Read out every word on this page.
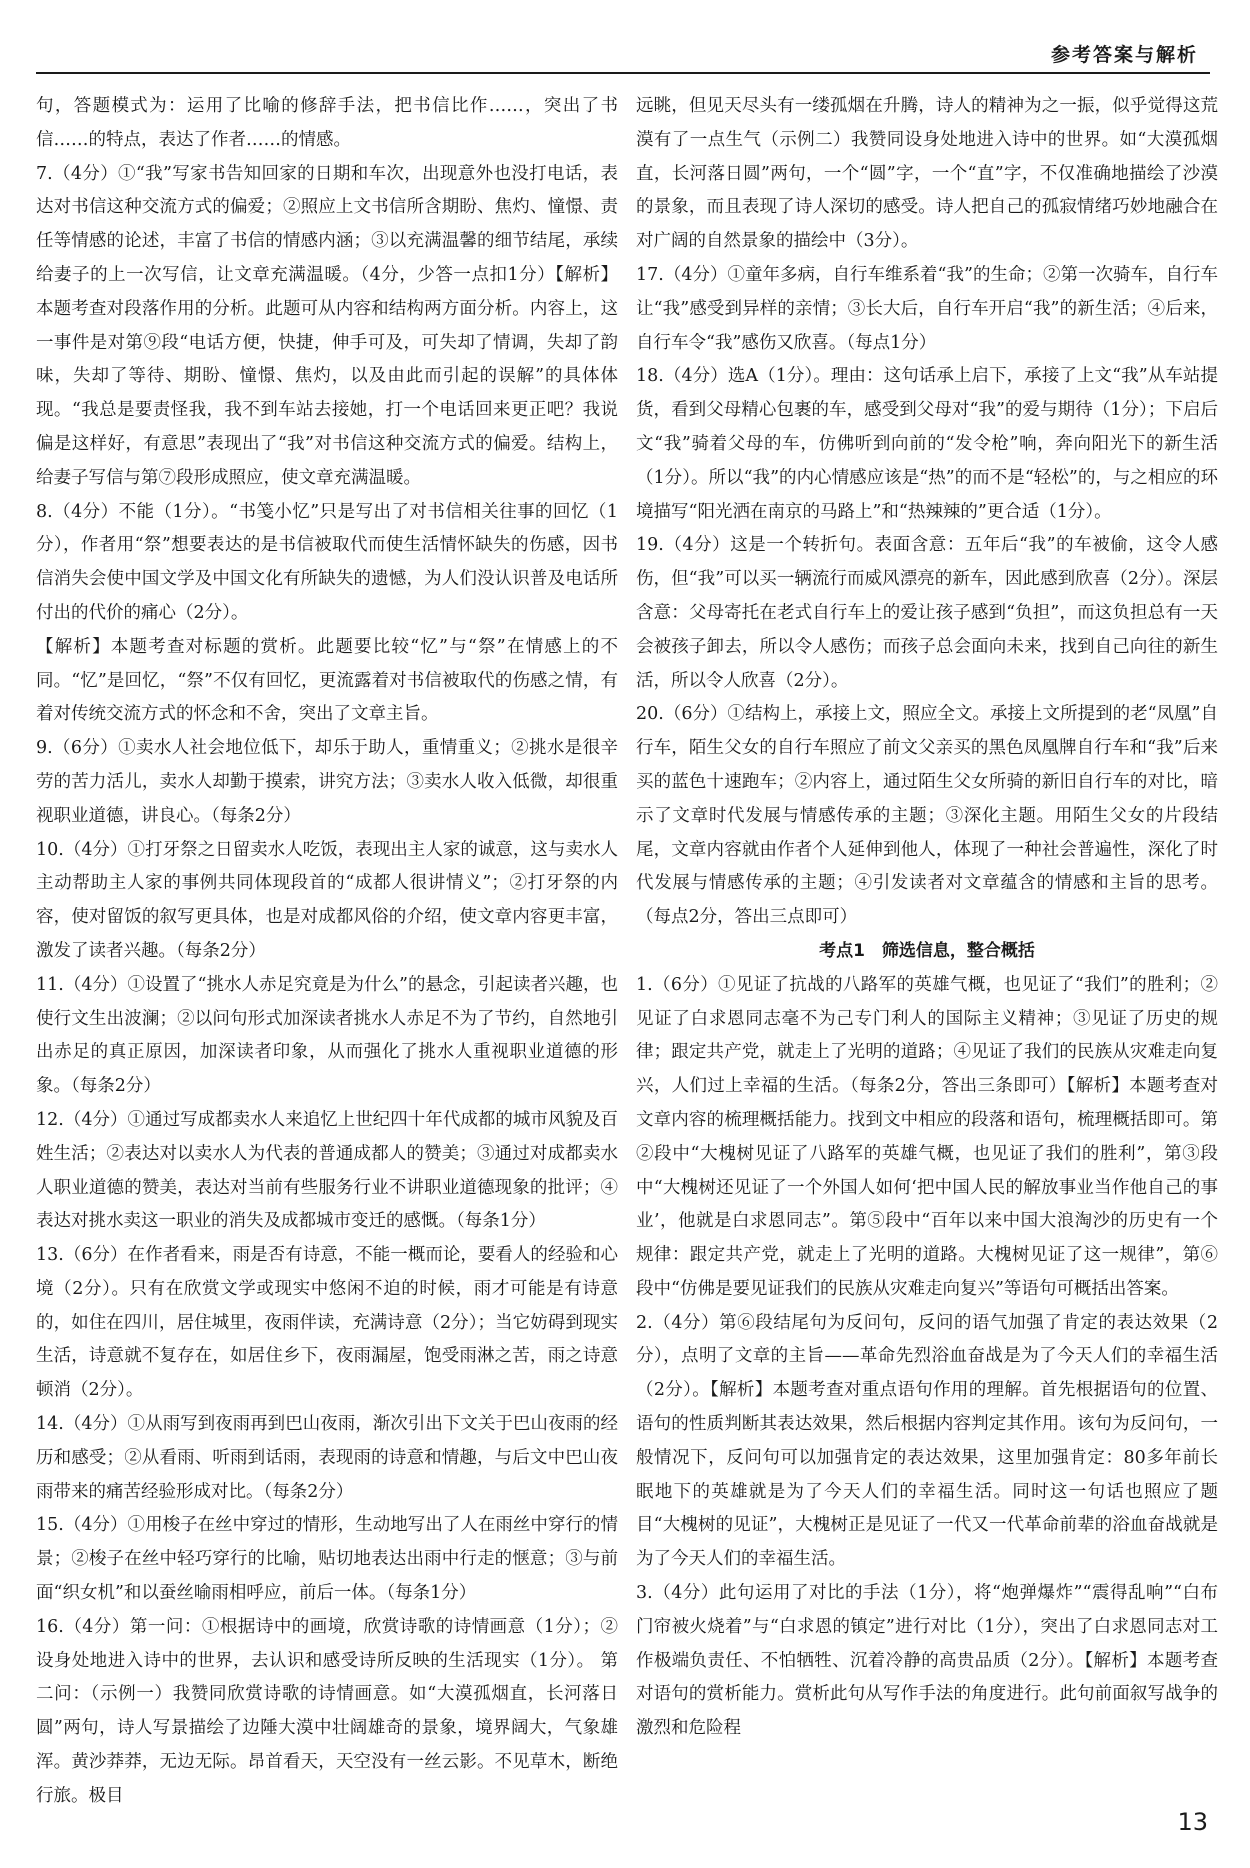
参考答案与解析

句，答题模式为：运用了比喻的修辞手法，把书信比作……，突出了书信……的特点，表达了作者……的情感。

7.（4分）①“我”写家书告知回家的日期和车次，出现意外也没打电话，表达对书信这种交流方式的偏爱；②照应上文书信所含期盼、焦灼、憧憬、责任等情感的论述，丰富了书信的情感内涵；③以充满温馨的细节结尾，承续给妻子的上一次写信，让文章充满温暖。（4分，少答一点扣1分）【解析】本题考查对段落作用的分析。此题可从内容和结构两方面分析。内容上，这一事件是对第⑨段“电话方便，快捷，伸手可及，可失却了情调，失却了韵味，失却了等待、期盼、憧憬、焦灼，以及由此而引起的误解”的具体体现。“我总是要责怪我，我不到车站去接她，打一个电话回来更正吧？我说偏是这样好，有意思”表现出了“我”对书信这种交流方式的偏爱。结构上，给妻子写信与第⑦段形成照应，使文章充满温暖。

8.（4分）不能（1分）。“书笺小忆”只是写出了对书信相关往事的回忆（1分），作者用“祭”想要表达的是书信被取代而使生活情怀缺失的伤感，因书信消失会使中国文学及中国文化有所缺失的遗憾，为人们没认识普及电话所付出的代价的痛心（2分）。

【解析】本题考查对标题的赏析。此题要比较“忆”与“祭”在情感上的不同。“忆”是回忆，“祭”不仅有回忆，更流露着对书信被取代的伤感之情，有着对传统交流方式的怀念和不舍，突出了文章主旨。

9.（6分）①卖水人社会地位低下，却乐于助人，重情重义；②挑水是很辛劳的苦力活儿，卖水人却勤于摸索，讲究方法；③卖水人收入低微，却很重视职业道德，讲良心。（每条2分）

10.（4分）①打牙祭之日留卖水人吃饭，表现出主人家的诚意，这与卖水人主动帮助主人家的事例共同体现段首的“成都人很讲情义”；②打牙祭的内容，使对留饭的叙写更具体，也是对成都风俗的介绍，使文章内容更丰富，激发了读者兴趣。（每条2分）

11.（4分）①设置了“挑水人赤足究竟是为什么”的悬念，引起读者兴趣，也使行文生出波澜；②以问句形式加深读者挑水人赤足不为了节约，自然地引出赤足的真正原因，加深读者印象，从而强化了挑水人重视职业道德的形象。（每条2分）

12.（4分）①通过写成都卖水人来追忆上世纪四十年代成都的城市风貌及百姓生活；②表达对以卖水人为代表的普通成都人的赞美；③通过对成都卖水人职业道德的赞美，表达对当前有些服务行业不讲职业道德现象的批评；④表达对挑水卖这一职业的消失及成都城市变迁的感慨。（每条1分）

13.（6分）在作者看来，雨是否有诗意，不能一概而论，要看人的经验和心境（2分）。只有在欣赏文学或现实中悠闲不迫的时候，雨才可能是有诗意的，如住在四川，居住城里，夜雨伴读，充满诗意（2分）；当它妨碍到现实生活，诗意就不复存在，如居住乡下，夜雨漏屋，饱受雨淋之苦，雨之诗意顿消（2分）。

14.（4分）①从雨写到夜雨再到巴山夜雨，渐次引出下文关于巴山夜雨的经历和感受；②从看雨、听雨到话雨，表现雨的诗意和情趣，与后文中巴山夜雨带来的痛苦经验形成对比。（每条2分）

15.（4分）①用梭子在丝中穿过的情形，生动地写出了人在雨丝中穿行的情景；②梭子在丝中轻巧穿行的比喻，贴切地表达出雨中行走的惬意；③与前面“织女机”和以蚕丝喻雨相呼应，前后一体。（每条1分）

16.（4分）第一问：①根据诗中的画境，欣赏诗歌的诗情画意（1分）；②设身处地进入诗中的世界，去认识和感受诗所反映的生活现实（1分）。 第二问：（示例一）我赞同欣赏诗歌的诗情画意。如“大漠孤烟直，长河落日圆”两句，诗人写景描绘了边陲大漠中壮阔雄奇的景象，境界阔大，气象雄浑。黄沙莽莽，无边无际。昂首看天，天空没有一丝云影。不见草木，断绝行旅。极目

远眺，但见天尽头有一缕孤烟在升腾，诗人的精神为之一振，似乎觉得这荒漠有了一点生气（示例二）我赞同设身处地进入诗中的世界。如“大漠孤烟直，长河落日圆”两句，一个“圆”字，一个“直”字，不仅准确地描绘了沙漠的景象，而且表现了诗人深切的感受。诗人把自己的孤寂情绪巧妙地融合在对广阔的自然景象的描绘中（3分）。

17.（4分）①童年多病，自行车维系着“我”的生命；②第一次骑车，自行车让“我”感受到异样的亲情；③长大后，自行车开启“我”的新生活；④后来，自行车令“我”感伤又欣喜。（每点1分）

18.（4分）选A（1分）。理由：这句话承上启下，承接了上文“我”从车站提货，看到父母精心包裹的车，感受到父母对“我”的爱与期待（1分）；下启后文“我”骑着父母的车，仿佛听到向前的“发令枪”响，奔向阳光下的新生活（1分）。所以“我”的内心情感应该是“热”的而不是“轻松”的，与之相应的环境描写“阳光洒在南京的马路上”和“热辣辣的”更合适（1分）。

19.（4分）这是一个转折句。表面含意：五年后“我”的车被偷，这令人感伤，但“我”可以买一辆流行而威风漂亮的新车，因此感到欣喜（2分）。深层含意：父母寄托在老式自行车上的爱让孩子感到“负担”，而这负担总有一天会被孩子卸去，所以令人感伤；而孩子总会面向未来，找到自己向往的新生活，所以令人欣喜（2分）。

20.（6分）①结构上，承接上文，照应全文。承接上文所提到的老“凤凰”自行车，陌生父女的自行车照应了前文父亲买的黑色凤凰牌自行车和“我”后来买的蓝色十速跑车；②内容上，通过陌生父女所骑的新旧自行车的对比，暗示了文章时代发展与情感传承的主题；③深化主题。用陌生父女的片段结尾，文章内容就由作者个人延伸到他人，体现了一种社会普遍性，深化了时代发展与情感传承的主题；④引发读者对文章蕴含的情感和主旨的思考。（每点2分，答出三点即可）

考点1　筛选信息，整合概括

1.（6分）①见证了抗战的八路军的英雄气概，也见证了“我们”的胜利；②见证了白求恩同志毫不为己专门利人的国际主义精神；③见证了历史的规律；跟定共产党，就走上了光明的道路；④见证了我们的民族从灾难走向复兴，人们过上幸福的生活。（每条2分，答出三条即可）【解析】本题考查对文章内容的梳理概括能力。找到文中相应的段落和语句，梳理概括即可。第②段中“大槐树见证了八路军的英雄气概，也见证了我们的胜利”，第③段中“大槐树还见证了一个外国人如何‘把中国人民的解放事业当作他自己的事业’，他就是白求恩同志”。第⑤段中“百年以来中国大浪淘沙的历史有一个规律：跟定共产党，就走上了光明的道路。大槐树见证了这一规律”，第⑥段中“仿佛是要见证我们的民族从灾难走向复兴”等语句可概括出答案。

2.（4分）第⑥段结尾句为反问句，反问的语气加强了肯定的表达效果（2分），点明了文章的主旨——革命先烈浴血奋战是为了今天人们的幸福生活（2分）。【解析】本题考查对重点语句作用的理解。首先根据语句的位置、语句的性质判断其表达效果，然后根据内容判定其作用。该句为反问句，一般情况下，反问句可以加强肯定的表达效果，这里加强肯定：80多年前长眠地下的英雄就是为了今天人们的幸福生活。同时这一句话也照应了题目“大槐树的见证”，大槐树正是见证了一代又一代革命前辈的浴血奋战就是为了今天人们的幸福生活。

3.（4分）此句运用了对比的手法（1分），将“炮弹爆炸”“震得乱响”“白布门帘被火烧着”与“白求恩的镇定”进行对比（1分），突出了白求恩同志对工作极端负责任、不怕牺牲、沉着冷静的高贵品质（2分）。【解析】本题考查对语句的赏析能力。赏析此句从写作手法的角度进行。此句前面叙写战争的激烈和危险程

13
